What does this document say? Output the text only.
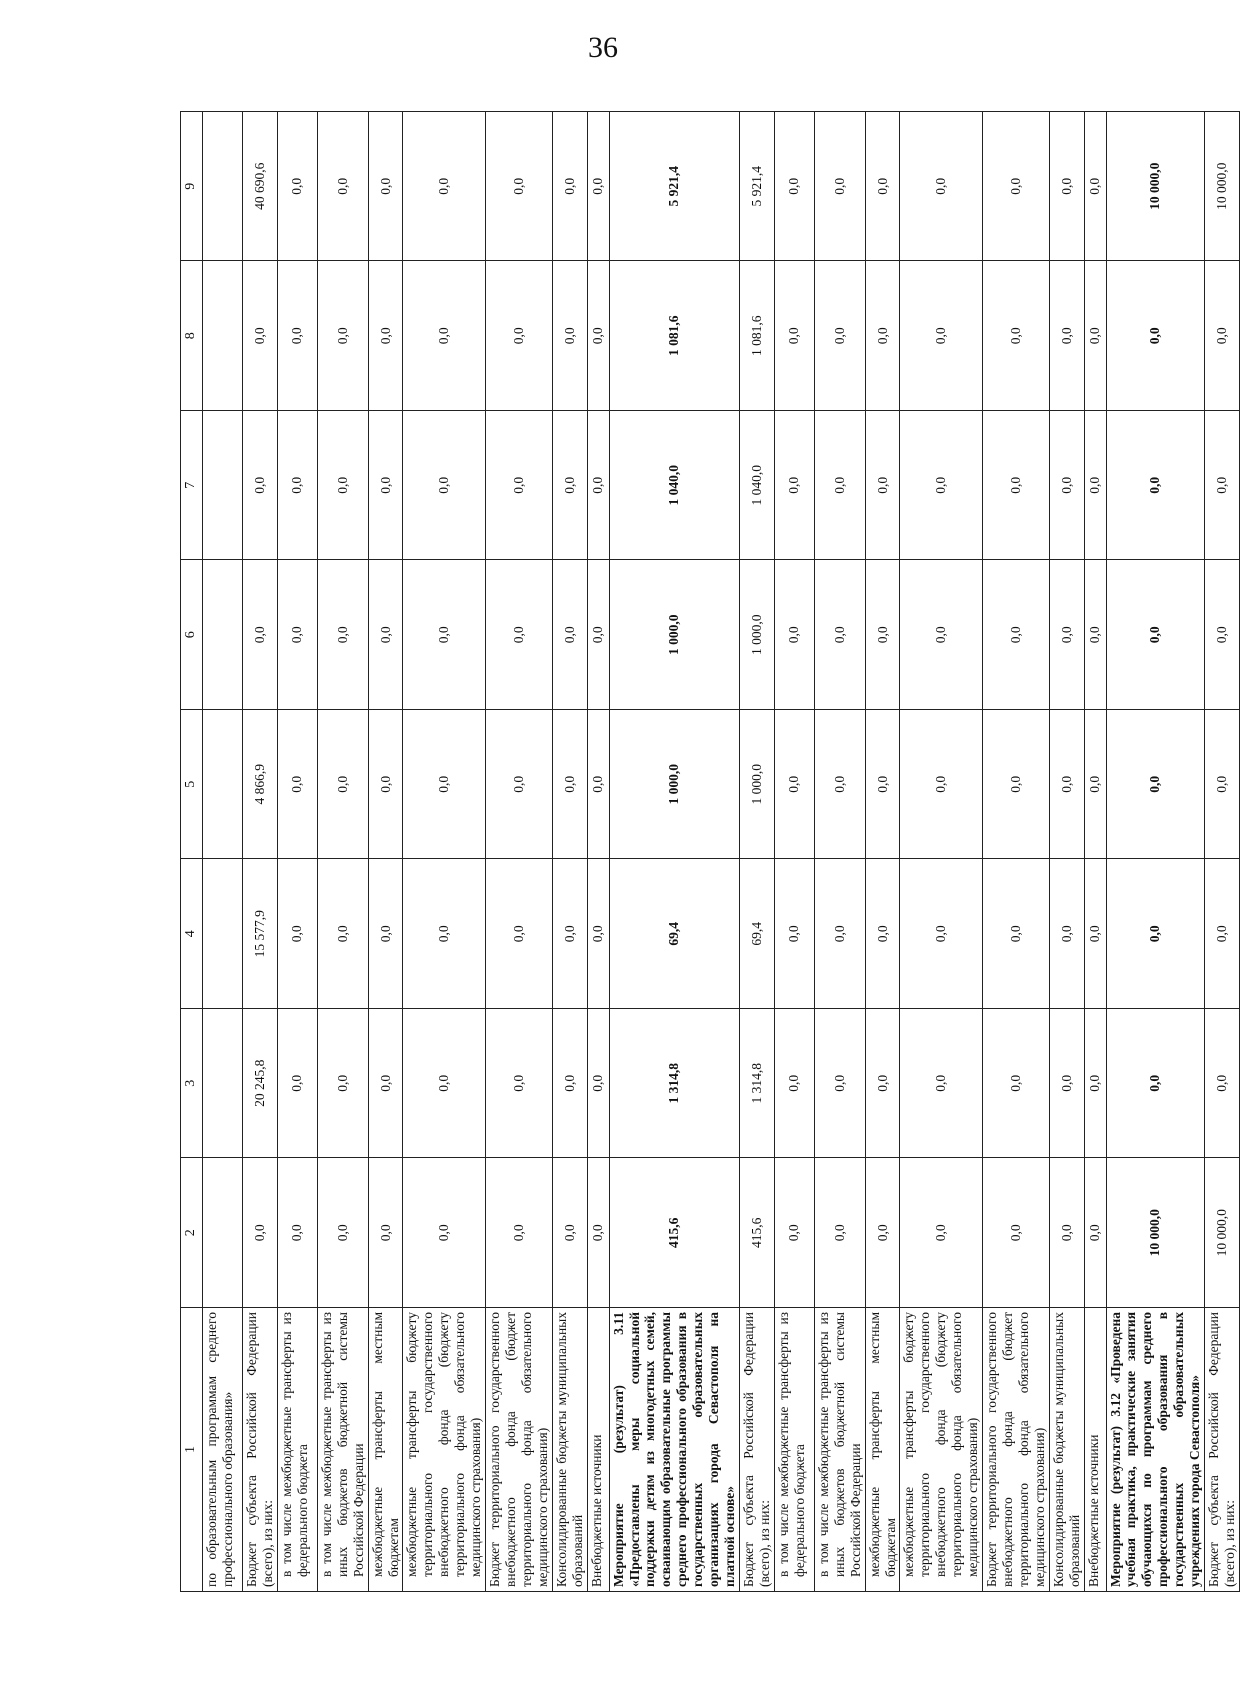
36
1	2	3	4	5	6	7	8	9
по образовательным программам среднего профессионального образования»								
Бюджет субъекта Российской Федерации (всего), из них:	0,0	20 245,8	15 577,9	4 866,9	0,0	0,0	0,0	40 690,6
в том числе межбюджетные трансферты из федерального бюджета	0,0	0,0	0,0	0,0	0,0	0,0	0,0	0,0
в том числе межбюджетные трансферты из иных бюджетов бюджетной системы Российской Федерации	0,0	0,0	0,0	0,0	0,0	0,0	0,0	0,0
межбюджетные трансферты местным бюджетам	0,0	0,0	0,0	0,0	0,0	0,0	0,0	0,0
межбюджетные трансферты бюджету территориального государственного внебюджетного фонда (бюджету территориального фонда обязательного медицинского страхования)	0,0	0,0	0,0	0,0	0,0	0,0	0,0	0,0
Бюджет территориального государственного внебюджетного фонда (бюджет территориального фонда обязательного медицинского страхования)	0,0	0,0	0,0	0,0	0,0	0,0	0,0	0,0
Консолидированные бюджеты муниципальных образований	0,0	0,0	0,0	0,0	0,0	0,0	0,0	0,0
Внебюджетные источники	0,0	0,0	0,0	0,0	0,0	0,0	0,0	0,0
Мероприятие (результат) 3.11 «Предоставлены меры социальной поддержки детям из многодетных семей, осваивающим образовательные программы среднего профессионального образования в государственных образовательных организациях города Севастополя на платной основе»	415,6	1 314,8	69,4	1 000,0	1 000,0	1 040,0	1 081,6	5 921,4
Бюджет субъекта Российской Федерации (всего), из них:	415,6	1 314,8	69,4	1 000,0	1 000,0	1 040,0	1 081,6	5 921,4
в том числе межбюджетные трансферты из федерального бюджета	0,0	0,0	0,0	0,0	0,0	0,0	0,0	0,0
в том числе межбюджетные трансферты из иных бюджетов бюджетной системы Российской Федерации	0,0	0,0	0,0	0,0	0,0	0,0	0,0	0,0
межбюджетные трансферты местным бюджетам	0,0	0,0	0,0	0,0	0,0	0,0	0,0	0,0
межбюджетные трансферты бюджету территориального государственного внебюджетного фонда (бюджету территориального фонда обязательного медицинского страхования)	0,0	0,0	0,0	0,0	0,0	0,0	0,0	0,0
Бюджет территориального государственного внебюджетного фонда (бюджет территориального фонда обязательного медицинского страхования)	0,0	0,0	0,0	0,0	0,0	0,0	0,0	0,0
Консолидированные бюджеты муниципальных образований	0,0	0,0	0,0	0,0	0,0	0,0	0,0	0,0
Внебюджетные источники	0,0	0,0	0,0	0,0	0,0	0,0	0,0	0,0
Мероприятие (результат) 3.12 «Проведена учебная практика, практические занятия обучающихся по программам среднего профессионального образования в государственных образовательных учреждениях города Севастополя»	10 000,0	0,0	0,0	0,0	0,0	0,0	0,0	10 000,0
Бюджет субъекта Российской Федерации (всего), из них:	10 000,0	0,0	0,0	0,0	0,0	0,0	0,0	10 000,0
